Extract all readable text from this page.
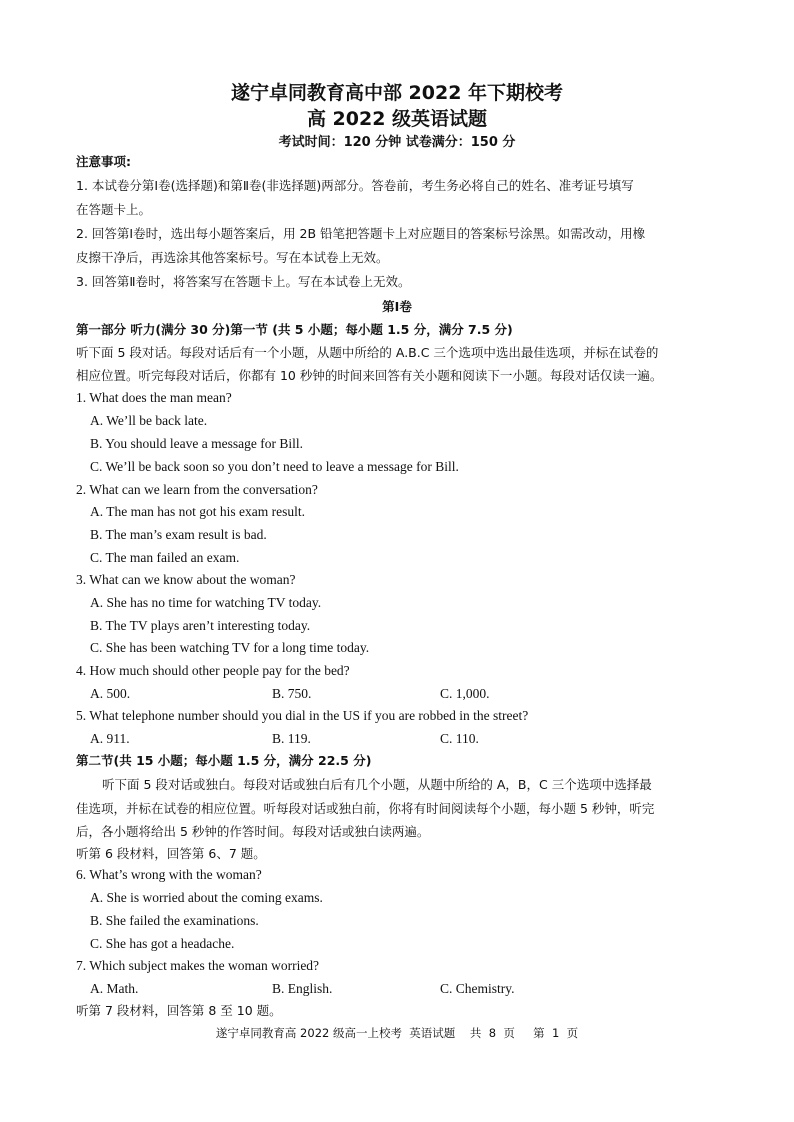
遂宁卓同教育高中部 2022 年下期校考
高 2022 级英语试题
考试时间：120 分钟 试卷满分：150 分
注意事项:
1. 本试卷分第Ⅰ卷(选择题)和第Ⅱ卷(非选择题)两部分。答卷前，考生务必将自己的姓名、准考证号填写
在答题卡上。
2. 回答第Ⅰ卷时，选出每小题答案后，用 2B 铅笔把答题卡上对应题目的答案标号涂黑。如需改动，用橡
皮擦干净后，再选涂其他答案标号。写在本试卷上无效。
3. 回答第Ⅱ卷时，将答案写在答题卡上。写在本试卷上无效。
第Ⅰ卷
第一部分 听力(满分 30 分)第一节 (共 5 小题；每小题 1.5 分，满分 7.5 分)
听下面 5 段对话。每段对话后有一个小题，从题中所给的 A.B.C 三个选项中选出最佳选项，并标在试卷的
相应位置。听完每段对话后，你都有 10 秒钟的时间来回答有关小题和阅读下一小题。每段对话仅读一遍。
1. What does the man mean?
A. We’ll be back late.
B. You should leave a message for Bill.
C. We’ll be back soon so you don’t need to leave a message for Bill.
2. What can we learn from the conversation?
A. The man has not got his exam result.
B. The man’s exam result is bad.
C. The man failed an exam.
3. What can we know about the woman?
A. She has no time for watching TV today.
B. The TV plays aren’t interesting today.
C. She has been watching TV for a long time today.
4. How much should other people pay for the bed?
A. 500.	B. 750.	C. 1,000.
5. What telephone number should you dial in the US if you are robbed in the street?
A. 911.	B. 119.	C. 110.
第二节(共 15 小题；每小题 1.5 分，满分 22.5 分)
听下面 5 段对话或独白。每段对话或独白后有几个小题，从题中所给的 A，B，C 三个选项中选择最
佳选项，并标在试卷的相应位置。听每段对话或独白前，你将有时间阅读每个小题，每小题 5 秒钟，听完
后，各小题将给出 5 秒钟的作答时间。每段对话或独白读两遍。
听第 6 段材料，回答第 6、7 题。
6. What’s wrong with the woman?
A. She is worried about the coming exams.
B. She failed the examinations.
C. She has got a headache.
7. Which subject makes the woman worried?
A. Math.	B. English.	C. Chemistry.
听第 7 段材料，回答第 8 至 10 题。
遂宁卓同教育高 2022 级高一上校考  英语试题    共  8  页     第  1  页
